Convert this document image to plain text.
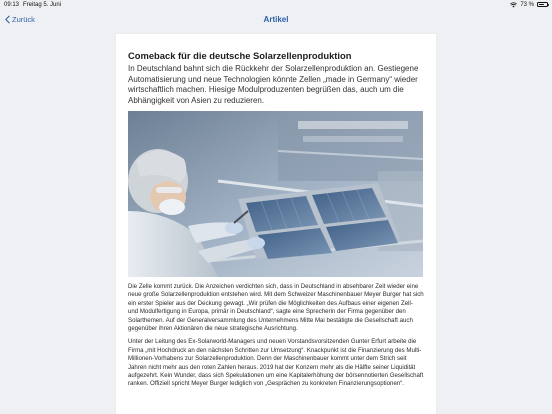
09:13 Freitag 5. Juni	73 %
Zurück	Artikel
Comeback für die deutsche Solarzellenproduktion
In Deutschland bahnt sich die Rückkehr der Solarzellenproduktion an. Gestiegene Automatisierung und neue Technologien könnte Zellen „made in Germany“ wieder wirtschaftlich machen. Hiesige Modulproduzenten begrüßen das, auch um die Abhängigkeit von Asien zu reduzieren.
Die Zelle kommt zurück. Die Anzeichen verdichten sich, dass in Deutschland in absehbarer Zeit wieder eine neue große Solarzellenproduktion entstehen wird. Mit dem Schweizer Maschinenbauer Meyer Burger hat sich ein erster Spieler aus der Deckung gewagt. „Wir prüfen die Möglichkeiten des Aufbaus einer eigenen Zell- und Modulfertigung in Europa, primär in Deutschland“, sagte eine Sprecherin der Firma gegenüber den Solarthemen. Auf der Generalversammlung des Unternehmens Mitte Mai bestätigte die Gesellschaft auch gegenüber ihren Aktionären die neue strategische Ausrichtung.
Unter der Leitung des Ex-Solarworld-Managers und neuen Vorstandsvorsitzenden Gunter Erfurt arbeite die Firma „mit Hochdruck an den nächsten Schritten zur Umsetzung“. Knackpunkt ist die Finanzierung des Multi-Millionen-Vorhabens zur Solarzellenproduktion. Denn der Maschinenbauer kommt unter dem Strich seit Jahren nicht mehr aus den roten Zahlen heraus. 2019 hat der Konzern mehr als die Hälfte seiner Liquidität aufgezehrt. Kein Wunder, dass sich Spekulationen um eine Kapitalerhöhung der börsennotierten Gesellschaft ranken. Offiziell spricht Meyer Burger lediglich von „Gesprächen zu konkreten Finanzierungsoptionen“.
